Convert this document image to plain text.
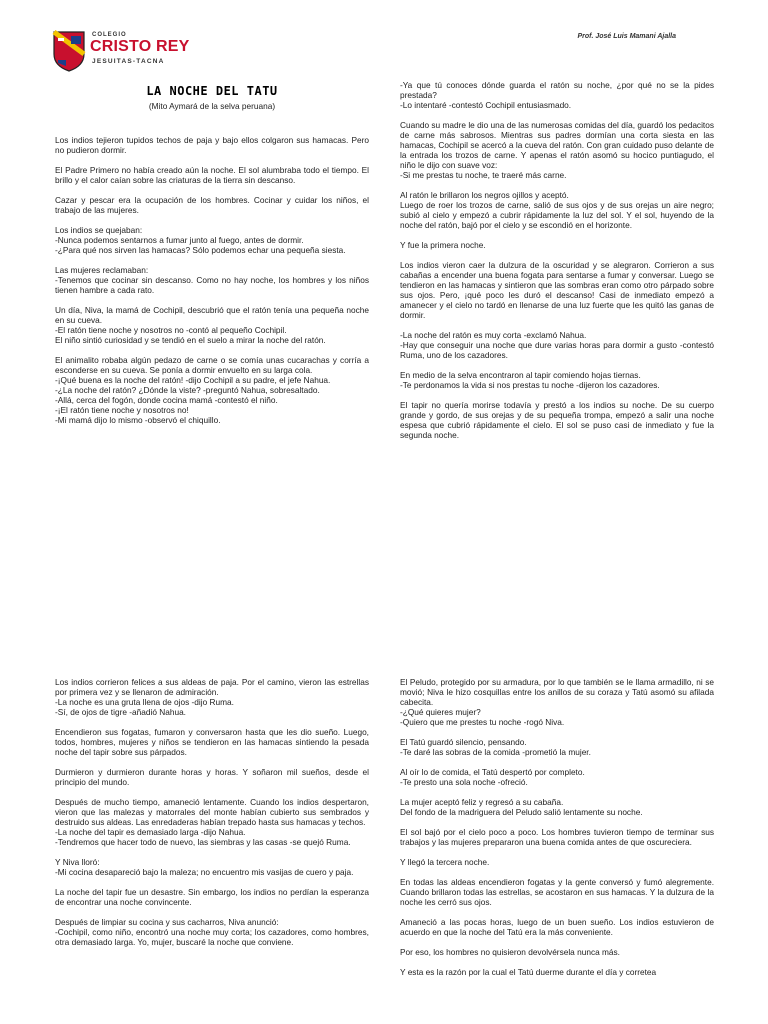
COLEGIO
CRISTO REY
JESUITAS-TACNA
Prof. José Luis Mamani Ajalla
LA NOCHE DEL TATU
(Mito Aymará de la selva peruana)

Los indios tejieron tupidos techos de paja y bajo ellos colgaron sus hamacas. Pero no pudieron dormir.

El Padre Primero no había creado aún la noche. El sol alumbraba todo el tiempo. El brillo y el calor caían sobre las criaturas de la tierra sin descanso.

Cazar y pescar era la ocupación de los hombres. Cocinar y cuidar los niños, el trabajo de las mujeres.

Los indios se quejaban:
-Nunca podemos sentarnos a fumar junto al fuego, antes de dormir.
-¿Para qué nos sirven las hamacas? Sólo podemos echar una pequeña siesta.

Las mujeres reclamaban:
-Tenemos que cocinar sin descanso. Como no hay noche, los hombres y los niños tienen hambre a cada rato.

Un día, Niva, la mamá de Cochipil, descubrió que el ratón tenía una pequeña noche en su cueva.
-El ratón tiene noche y nosotros no -contó al pequeño Cochipil.
El niño sintió curiosidad y se tendió en el suelo a mirar la noche del ratón.

El animalito robaba algún pedazo de carne o se comía unas cucarachas y corría a esconderse en su cueva. Se ponía a dormir envuelto en su larga cola.
-¡Qué buena es la noche del ratón! -dijo Cochipil a su padre, el jefe Nahua.
-¿La noche del ratón? ¿Dónde la viste? -preguntó Nahua, sobresaltado.
-Allá, cerca del fogón, donde cocina mamá -contestó el niño.
-¡El ratón tiene noche y nosotros no!
-Mi mamá dijo lo mismo -observó el chiquillo.

-Ya que tú conoces dónde guarda el ratón su noche, ¿por qué no se la pides prestada?
-Lo intentaré -contestó Cochipil entusiasmado.

Cuando su madre le dio una de las numerosas comidas del día, guardó los pedacitos de carne más sabrosos. Mientras sus padres dormían una corta siesta en las hamacas, Cochipil se acercó a la cueva del ratón. Con gran cuidado puso delante de la entrada los trozos de carne. Y apenas el ratón asomó su hocico puntiagudo, el niño le dijo con suave voz:
-Si me prestas tu noche, te traeré más carne.

Al ratón le brillaron los negros ojillos y aceptó.
Luego de roer los trozos de carne, salió de sus ojos y de sus orejas un aire negro; subió al cielo y empezó a cubrir rápidamente la luz del sol. Y el sol, huyendo de la noche del ratón, bajó por el cielo y se escondió en el horizonte.

Y fue la primera noche.

Los indios vieron caer la dulzura de la oscuridad y se alegraron. Corrieron a sus cabañas a encender una buena fogata para sentarse a fumar y conversar. Luego se tendieron en las hamacas y sintieron que las sombras eran como otro párpado sobre sus ojos. Pero, ¡qué poco les duró el descanso! Casi de inmediato empezó a amanecer y el cielo no tardó en llenarse de una luz fuerte que les quitó las ganas de dormir.

-La noche del ratón es muy corta -exclamó Nahua.
-Hay que conseguir una noche que dure varias horas para dormir a gusto -contestó Ruma, uno de los cazadores.

En medio de la selva encontraron al tapir comiendo hojas tiernas.
-Te perdonamos la vida si nos prestas tu noche -dijeron los cazadores.

El tapir no quería morirse todavía y prestó a los indios su noche. De su cuerpo grande y gordo, de sus orejas y de su pequeña trompa, empezó a salir una noche espesa que cubrió rápidamente el cielo. El sol se puso casi de inmediato y fue la segunda noche.

Los indios corrieron felices a sus aldeas de paja. Por el camino, vieron las estrellas por primera vez y se llenaron de admiración.
-La noche es una gruta llena de ojos -dijo Ruma.
-Sí, de ojos de tigre -añadió Nahua.

Encendieron sus fogatas, fumaron y conversaron hasta que les dio sueño. Luego, todos, hombres, mujeres y niños se tendieron en las hamacas sintiendo la pesada noche del tapir sobre sus párpados.

Durmieron y durmieron durante horas y horas. Y soñaron mil sueños, desde el principio del mundo.

Después de mucho tiempo, amaneció lentamente. Cuando los indios despertaron, vieron que las malezas y matorrales del monte habían cubierto sus sembrados y destruido sus aldeas. Las enredaderas habían trepado hasta sus hamacas y techos.
-La noche del tapir es demasiado larga -dijo Nahua.
-Tendremos que hacer todo de nuevo, las siembras y las casas -se quejó Ruma.

Y Niva lloró:
-Mi cocina desapareció bajo la maleza; no encuentro mis vasijas de cuero y paja.

La noche del tapir fue un desastre. Sin embargo, los indios no perdían la esperanza de encontrar una noche convincente.

Después de limpiar su cocina y sus cacharros, Niva anunció:
-Cochipil, como niño, encontró una noche muy corta; los cazadores, como hombres, otra demasiado larga. Yo, mujer, buscaré la noche que conviene.

El Peludo, protegido por su armadura, por lo que también se le llama armadillo, ni se movió; Niva le hizo cosquillas entre los anillos de su coraza y Tatú asomó su afilada cabecita.
-¿Qué quieres mujer?
-Quiero que me prestes tu noche -rogó Niva.

El Tatú guardó silencio, pensando.
-Te daré las sobras de la comida -prometió la mujer.

Al oír lo de comida, el Tatú despertó por completo.
-Te presto una sola noche -ofreció.

La mujer aceptó feliz y regresó a su cabaña.
Del fondo de la madriguera del Peludo salió lentamente su noche.

El sol bajó por el cielo poco a poco. Los hombres tuvieron tiempo de terminar sus trabajos y las mujeres prepararon una buena comida antes de que oscureciera.

Y llegó la tercera noche.

En todas las aldeas encendieron fogatas y la gente conversó y fumó alegremente. Cuando brillaron todas las estrellas, se acostaron en sus hamacas. Y la dulzura de la noche les cerró sus ojos.

Amaneció a las pocas horas, luego de un buen sueño. Los indios estuvieron de acuerdo en que la noche del Tatú era la más conveniente.

Por eso, los hombres no quisieron devolvérsela nunca más.

Y esta es la razón por la cual el Tatú duerme durante el día y corretea
